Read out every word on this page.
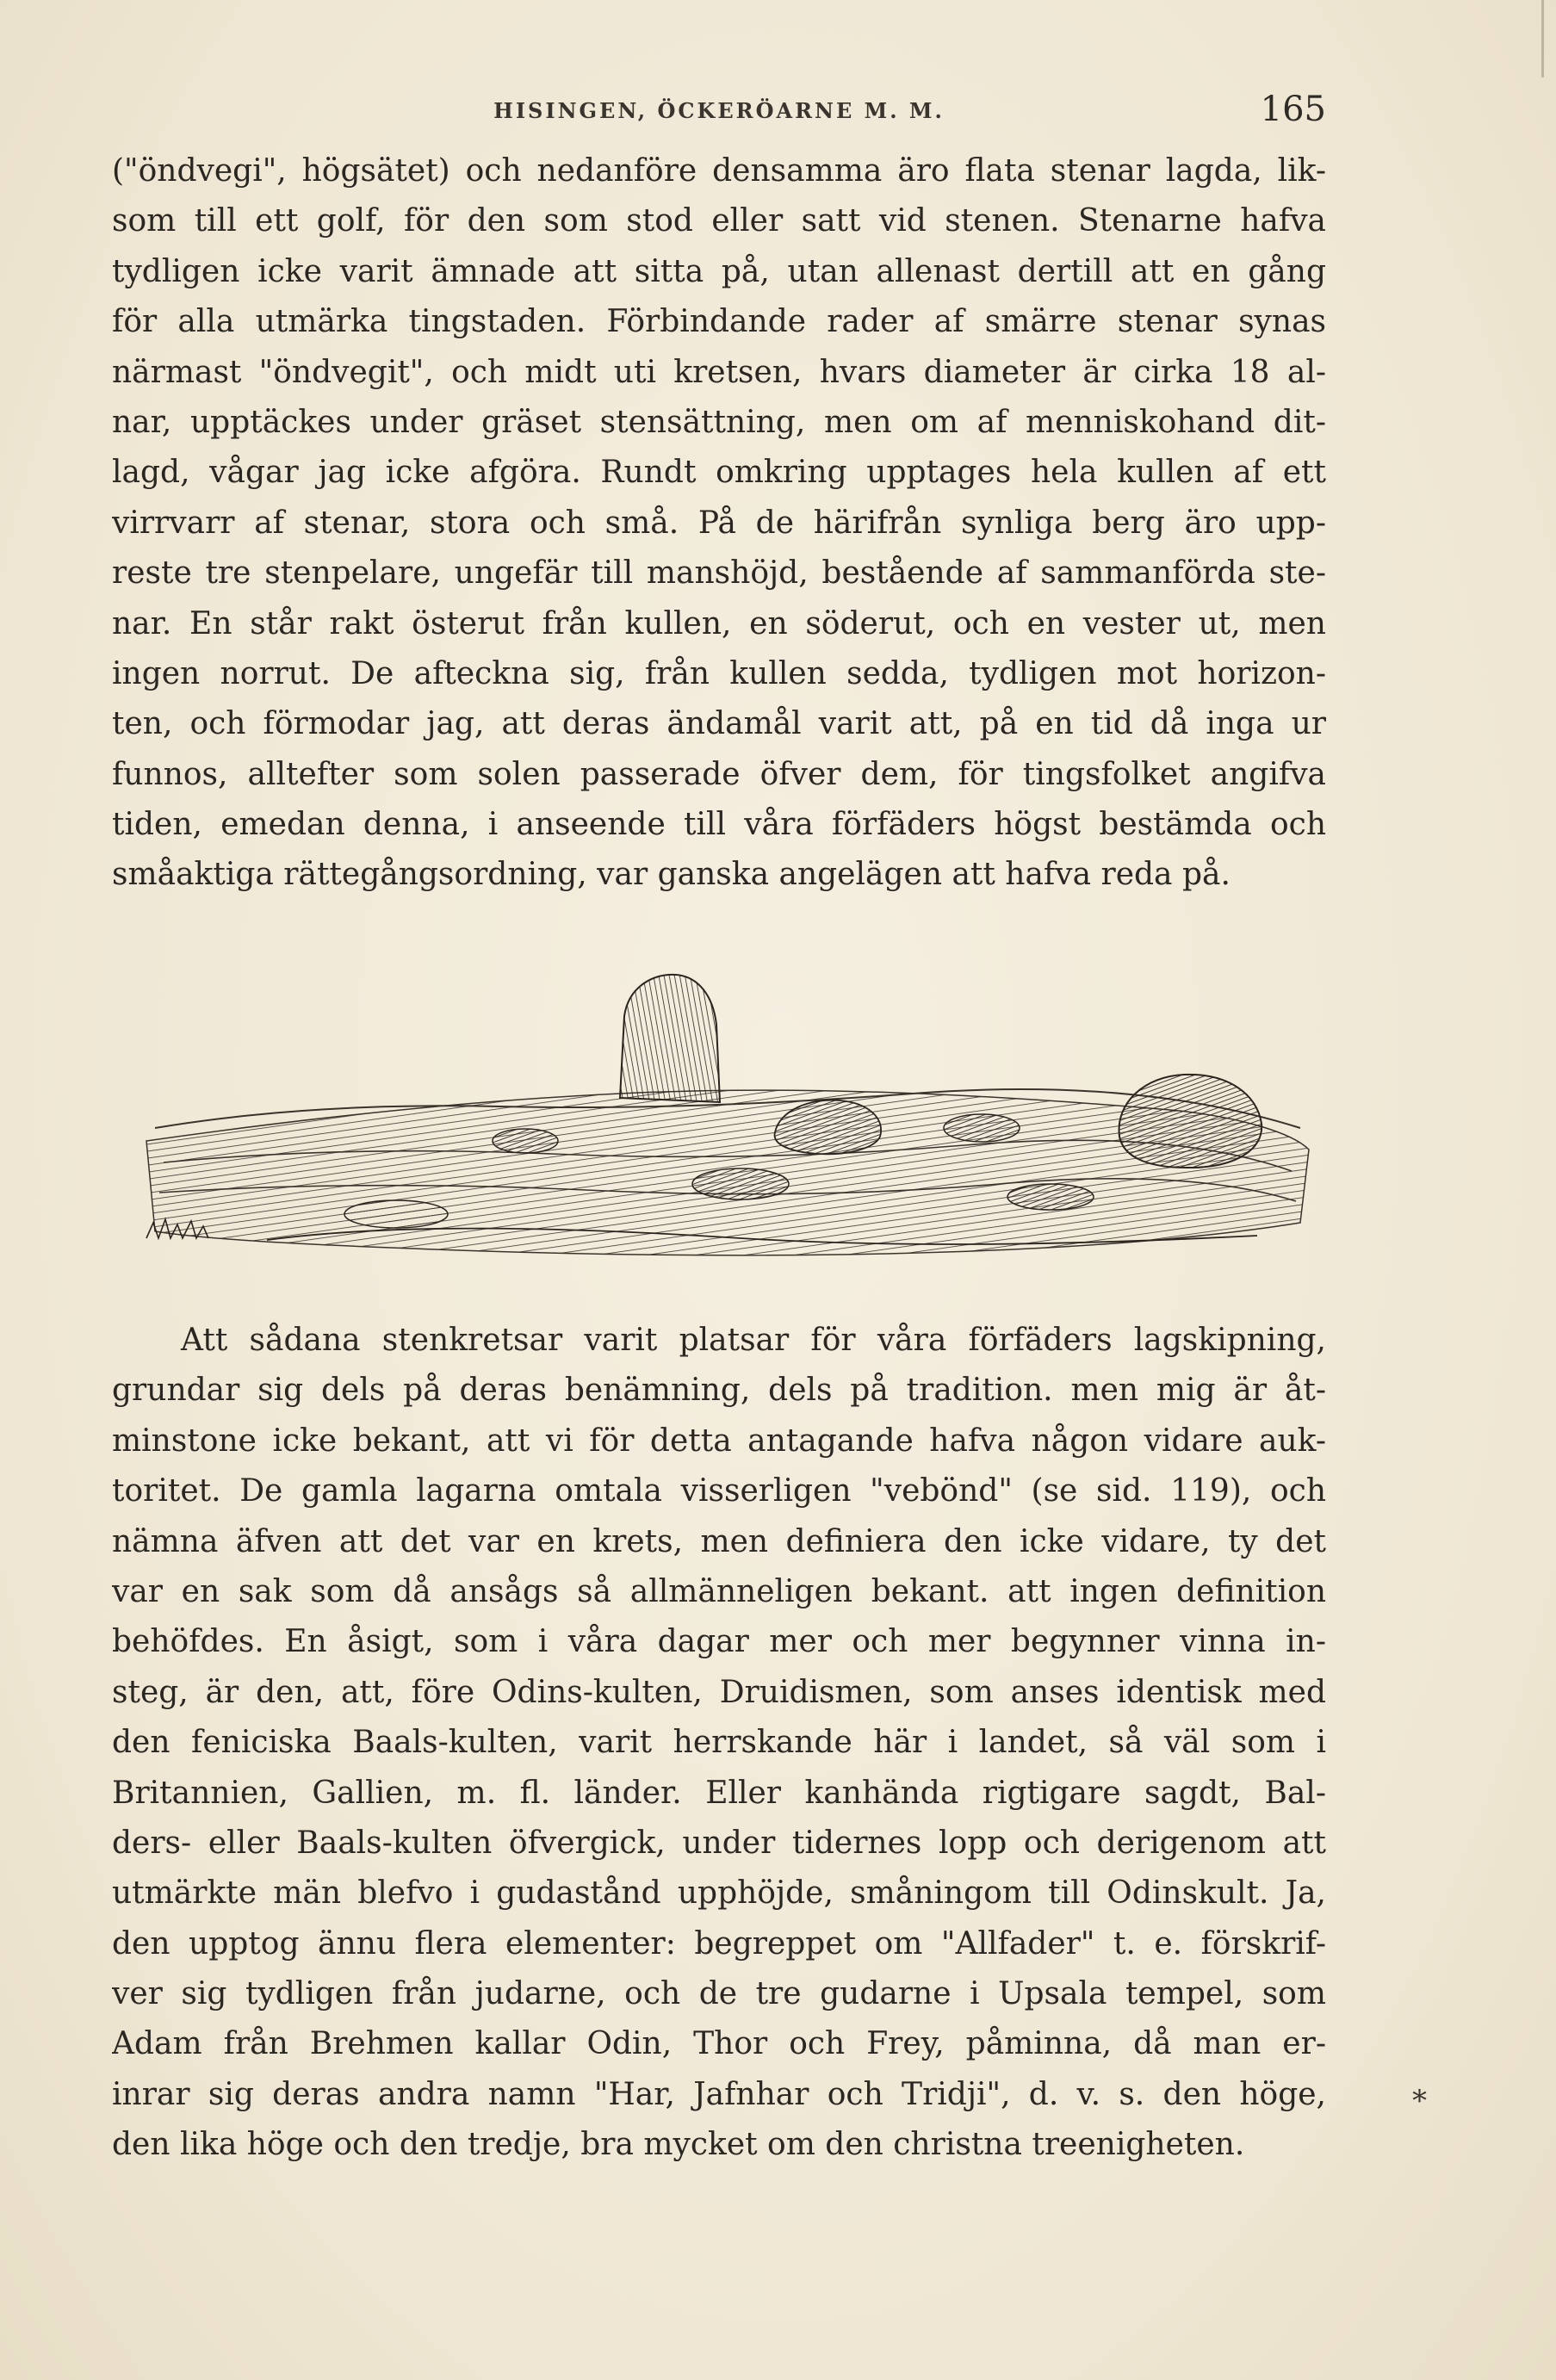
HISINGEN, ÖCKERÖARNE M. M.	165
("öndvegi", högsätet) och nedanföre densamma äro flata stenar lagda, lik-
som till ett golf, för den som stod eller satt vid stenen. Stenarne hafva
tydligen icke varit ämnade att sitta på, utan allenast dertill att en gång
för alla utmärka tingstaden. Förbindande rader af smärre stenar synas
närmast "öndvegit", och midt uti kretsen, hvars diameter är cirka 18 al-
nar, upptäckes under gräset stensättning, men om af menniskohand dit-
lagd, vågar jag icke afgöra. Rundt omkring upptages hela kullen af ett
virrvarr af stenar, stora och små. På de härifrån synliga berg äro upp-
reste tre stenpelare, ungefär till manshöjd, bestående af sammanförda ste-
nar. En står rakt österut från kullen, en söderut, och en vester ut, men
ingen norrut. De afteckna sig, från kullen sedda, tydligen mot horizon-
ten, och förmodar jag, att deras ändamål varit att, på en tid då inga ur
funnos, alltefter som solen passerade öfver dem, för tingsfolket angifva
tiden, emedan denna, i anseende till våra förfäders högst bestämda och
småaktiga rättegångsordning, var ganska angelägen att hafva reda på.
Att sådana stenkretsar varit platsar för våra förfäders lagskipning,
grundar sig dels på deras benämning, dels på tradition. men mig är åt-
minstone icke bekant, att vi för detta antagande hafva någon vidare auk-
toritet. De gamla lagarna omtala visserligen "vebönd" (se sid. 119), och
nämna äfven att det var en krets, men definiera den icke vidare, ty det
var en sak som då ansågs så allmänneligen bekant. att ingen definition
behöfdes. En åsigt, som i våra dagar mer och mer begynner vinna in-
steg, är den, att, före Odins-kulten, Druidismen, som anses identisk med
den feniciska Baals-kulten, varit herrskande här i landet, så väl som i
Britannien, Gallien, m. fl. länder. Eller kanhända rigtigare sagdt, Bal-
ders- eller Baals-kulten öfvergick, under tidernes lopp och derigenom att
utmärkte män blefvo i gudastånd upphöjde, småningom till Odinskult. Ja,
den upptog ännu flera elementer: begreppet om "Allfader" t. e. förskrif-
ver sig tydligen från judarne, och de tre gudarne i Upsala tempel, som
Adam från Brehmen kallar Odin, Thor och Frey, påminna, då man er-
inrar sig deras andra namn "Har, Jafnhar och Tridji", d. v. s. den höge,
den lika höge och den tredje, bra mycket om den christna treenigheten.
*
